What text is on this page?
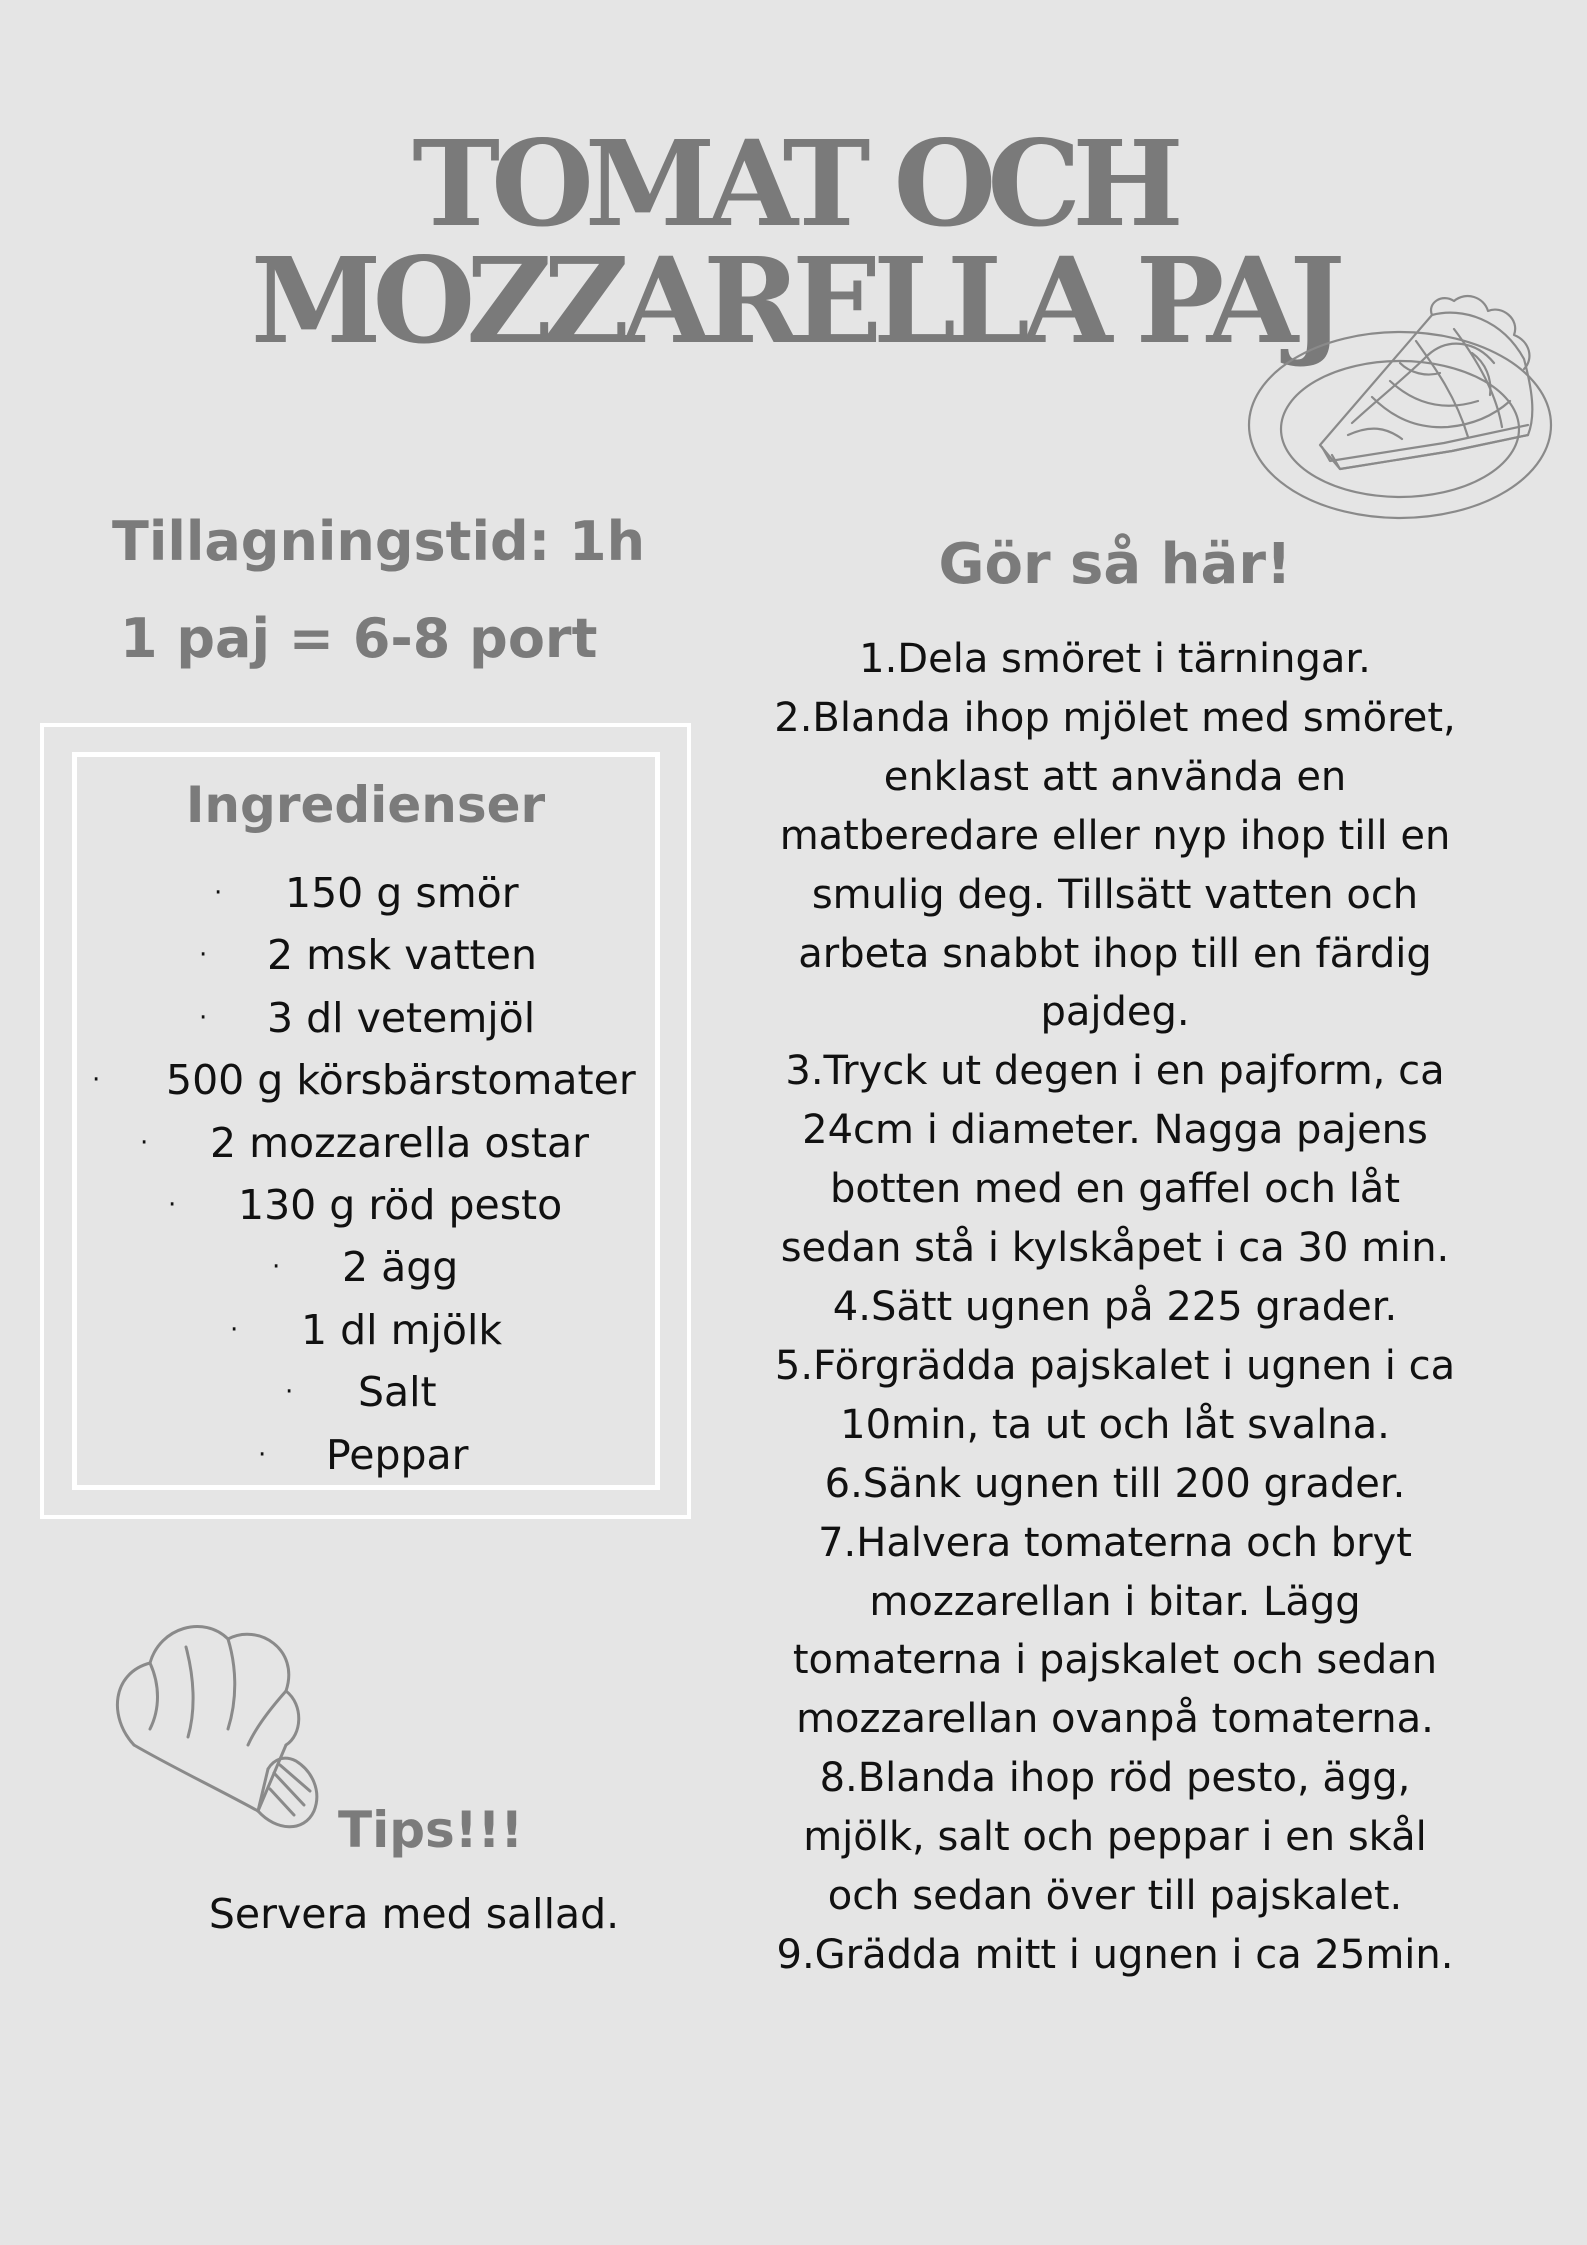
TOMAT OCH
MOZZARELLA PAJ

Tillagningstid: 1h

1 paj = 6-8 port

Ingredienser
· 150 g smör
· 2 msk vatten
· 3 dl vetemjöl
· 500 g körsbärstomater
· 2 mozzarella ostar
· 130 g röd pesto
· 2 ägg
· 1 dl mjölk
· Salt
· Peppar
Gör så här!
1.Dela smöret i tärningar.
2.Blanda ihop mjölet med smöret, enklast att använda en matberedare eller nyp ihop till en smulig deg. Tillsätt vatten och arbeta snabbt ihop till en färdig pajdeg.
3.Tryck ut degen i en pajform, ca 24cm i diameter. Nagga pajens botten med en gaffel och låt sedan stå i kylskåpet i ca 30 min.
4.Sätt ugnen på 225 grader.
5.Förgrädda pajskalet i ugnen i ca 10min, ta ut och låt svalna.
6.Sänk ugnen till 200 grader.
7.Halvera tomaterna och bryt mozzarellan i bitar. Lägg tomaterna i pajskalet och sedan mozzarellan ovanpå tomaterna.
8.Blanda ihop röd pesto, ägg, mjölk, salt och peppar i en skål och sedan över till pajskalet.
9.Grädda mitt i ugnen i ca 25min.
Tips!!!

Servera med sallad.
